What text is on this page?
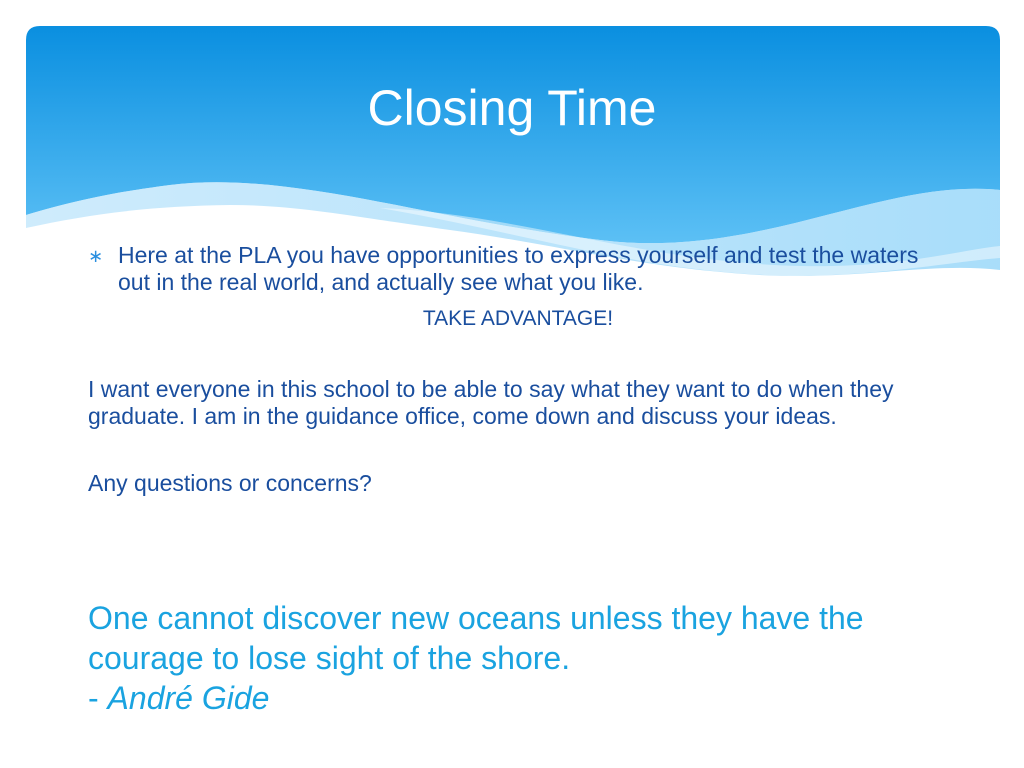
Closing Time
∗ Here at the PLA you have opportunities to express yourself and test the waters out in the real world, and actually see what you like.
TAKE ADVANTAGE!
I want everyone in this school to be able to say what they want to do when they graduate. I am in the guidance office, come down and discuss your ideas.
Any questions or concerns?
One cannot discover new oceans unless they have the courage to lose sight of the shore.
- André Gide
